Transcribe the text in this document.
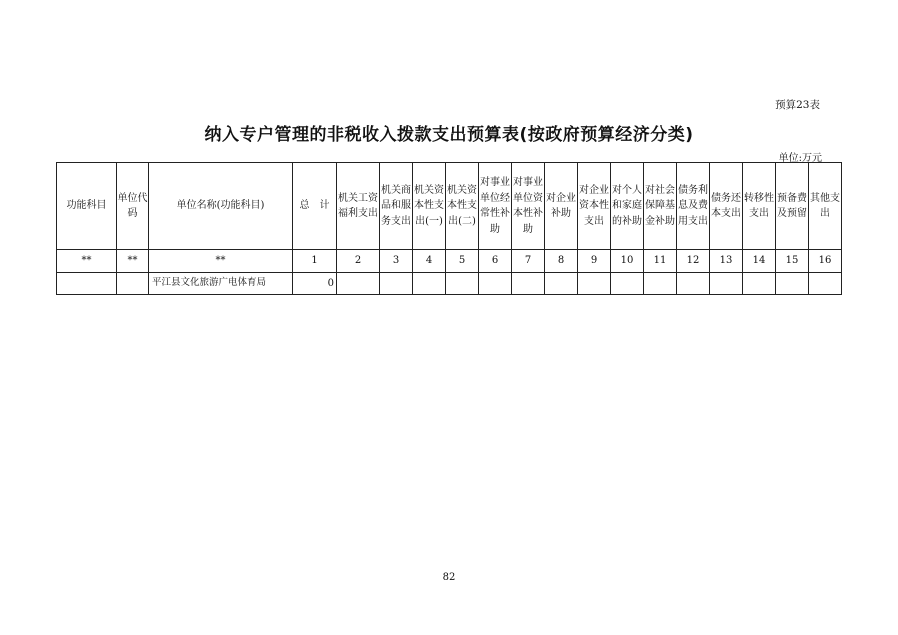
预算23表
纳入专户管理的非税收入拨款支出预算表(按政府预算经济分类)
单位:万元
功能科目	单位代码	单位名称(功能科目)	总　计	机关工资福利支出	机关商品和服务支出	机关资本性支出(一)	机关资本性支出(二)	对事业单位经常性补助	对事业单位资本性补助	对企业补助	对企业资本性支出	对个人和家庭的补助	对社会保障基金补助	债务利息及费用支出	债务还本支出	转移性支出	预备费及预留	其他支出	
**	**	**	1	2	3	4	5	6	7	8	9	10	11	12	13	14	15	16	
		平江县文化旅游广电体育局	0																
82
